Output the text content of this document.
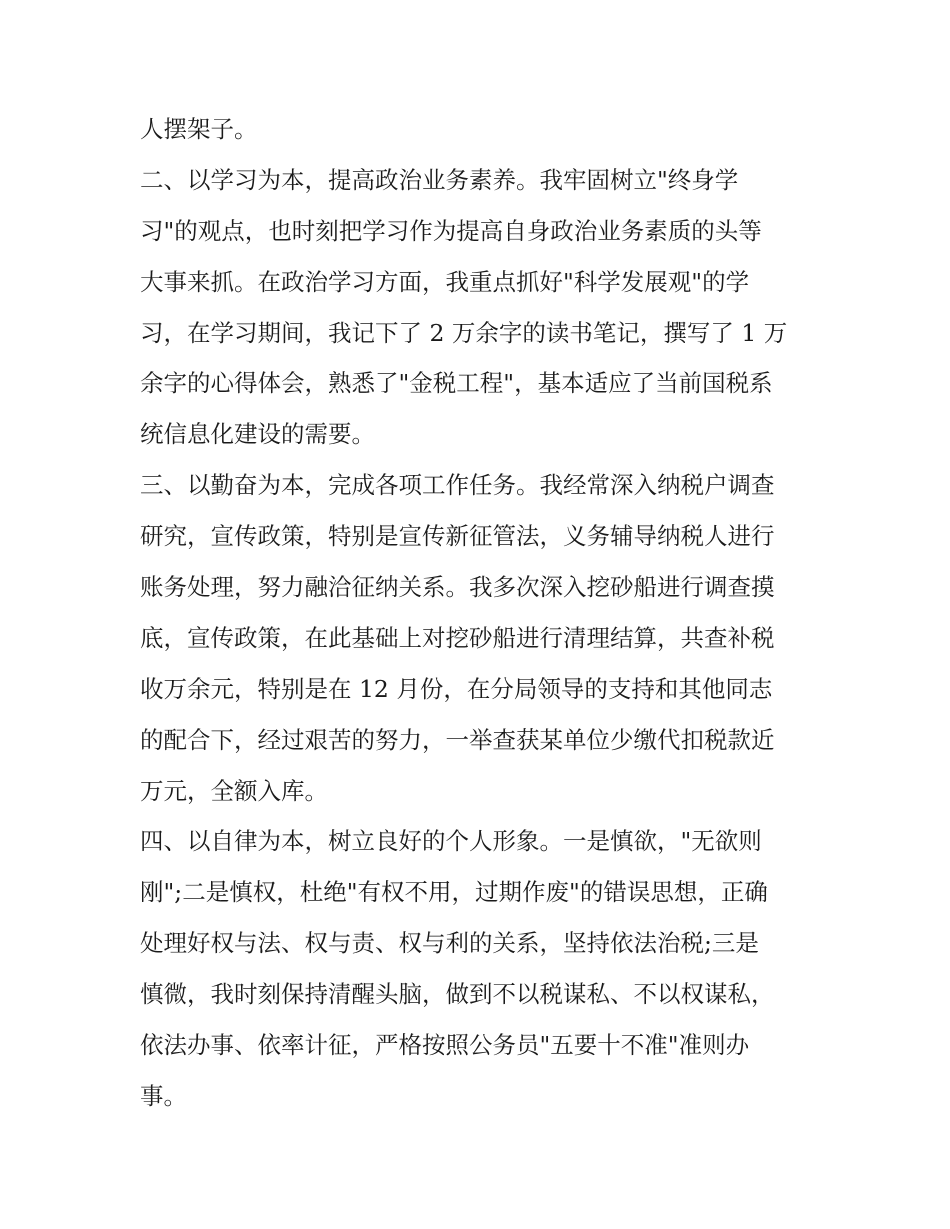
人摆架子。
二、以学习为本，提高政治业务素养。我牢固树立"终身学
习"的观点，也时刻把学习作为提高自身政治业务素质的头等
大事来抓。在政治学习方面，我重点抓好"科学发展观"的学
习，在学习期间，我记下了 2 万余字的读书笔记，撰写了 1 万
余字的心得体会，熟悉了"金税工程"，基本适应了当前国税系
统信息化建设的需要。
三、以勤奋为本，完成各项工作任务。我经常深入纳税户调查
研究，宣传政策，特别是宣传新征管法，义务辅导纳税人进行
账务处理，努力融洽征纳关系。我多次深入挖砂船进行调查摸
底，宣传政策，在此基础上对挖砂船进行清理结算，共查补税
收万余元，特别是在 12 月份，在分局领导的支持和其他同志
的配合下，经过艰苦的努力，一举查获某单位少缴代扣税款近
万元，全额入库。
四、以自律为本，树立良好的个人形象。一是慎欲，"无欲则
刚";二是慎权，杜绝"有权不用，过期作废"的错误思想，正确
处理好权与法、权与责、权与利的关系，坚持依法治税;三是
慎微，我时刻保持清醒头脑，做到不以税谋私、不以权谋私，
依法办事、依率计征，严格按照公务员"五要十不准"准则办
事。
